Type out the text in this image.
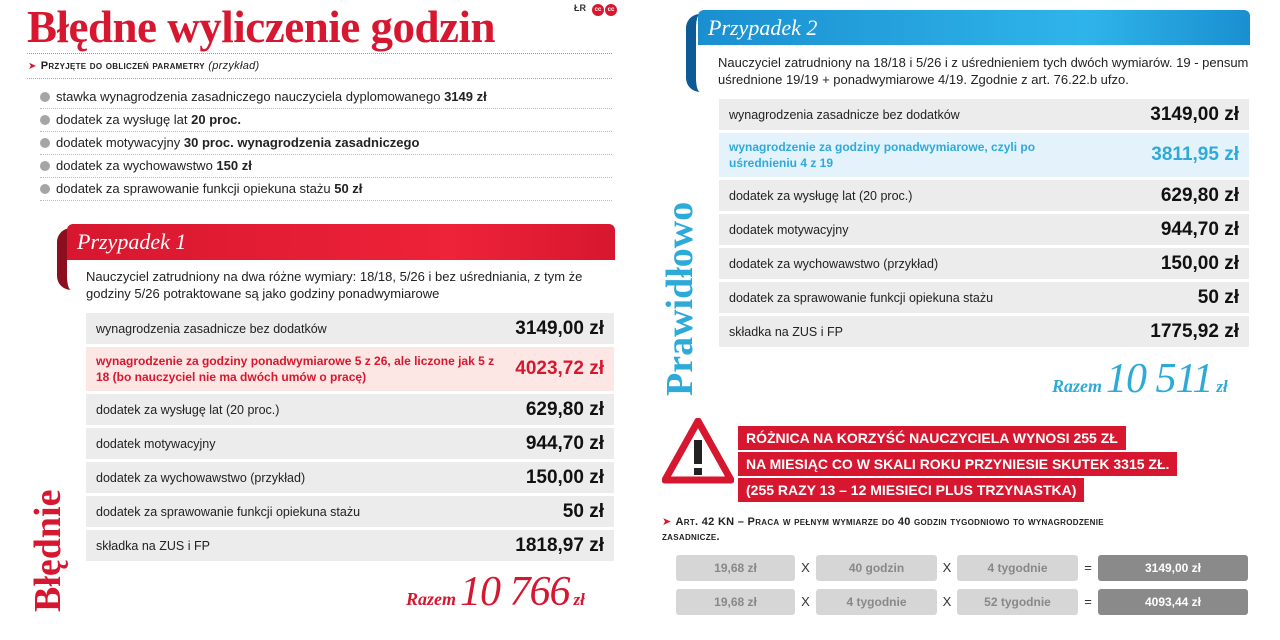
Błędne wyliczenie godzin	ŁR	cc	cc
➤ Przyjęte do obliczeń parametry (przykład)
stawka wynagrodzenia zasadniczego nauczyciela dyplomowanego 3149 zł
dodatek za wysługę lat 20 proc.
dodatek motywacyjny 30 proc. wynagrodzenia zasadniczego
dodatek za wychowawstwo 150 zł
dodatek za sprawowanie funkcji opiekuna stażu 50 zł
Przypadek 1
Nauczyciel zatrudniony na dwa różne wymiary: 18/18, 5/26 i bez uśredniania, z tym że godziny 5/26 potraktowane są jako godziny ponadwymiarowe
Błędnie
wynagrodzenia zasadnicze bez dodatków	3149,00 zł
wynagrodzenie za godziny ponadwymiarowe 5 z 26, ale liczone jak 5 z 18 (bo nauczyciel nie ma dwóch umów o pracę)	4023,72 zł
dodatek za wysługę lat (20 proc.)	629,80 zł
dodatek motywacyjny	944,70 zł
dodatek za wychowawstwo (przykład)	150,00 zł
dodatek za sprawowanie funkcji opiekuna stażu	50 zł
składka na ZUS i FP	1818,97 zł
Razem 10 766 zł
Przypadek 2
Nauczyciel zatrudniony na 18/18 i 5/26 i z uśrednieniem tych dwóch wymiarów. 19 - pensum uśrednione 19/19 + ponadwymiarowe 4/19. Zgodnie z art. 76.22.b ufzo.
Prawidłowo
wynagrodzenia zasadnicze bez dodatków	3149,00 zł
wynagrodzenie za godziny ponadwymiarowe, czyli po uśrednieniu 4 z 19	3811,95 zł
dodatek za wysługę lat (20 proc.)	629,80 zł
dodatek motywacyjny	944,70 zł
dodatek za wychowawstwo (przykład)	150,00 zł
dodatek za sprawowanie funkcji opiekuna stażu	50 zł
składka na ZUS i FP	1775,92 zł
Razem 10 511 zł
RÓŻNICA NA KORZYŚĆ NAUCZYCIELA WYNOSI 255 ZŁ
NA MIESIĄC CO W SKALI ROKU PRZYNIESIE SKUTEK 3315 ZŁ.
(255 RAZY 13 – 12 MIESIECI PLUS TRZYNASTKA)
➤ Art. 42 KN – Praca w pełnym wymiarze do 40 godzin tygodniowo to wynagrodzenie zasadnicze.
19,68 zł	X	40 godzin	X	4 tygodnie	=	3149,00 zł
19,68 zł	X	4 tygodnie	X	52 tygodnie	=	4093,44 zł
